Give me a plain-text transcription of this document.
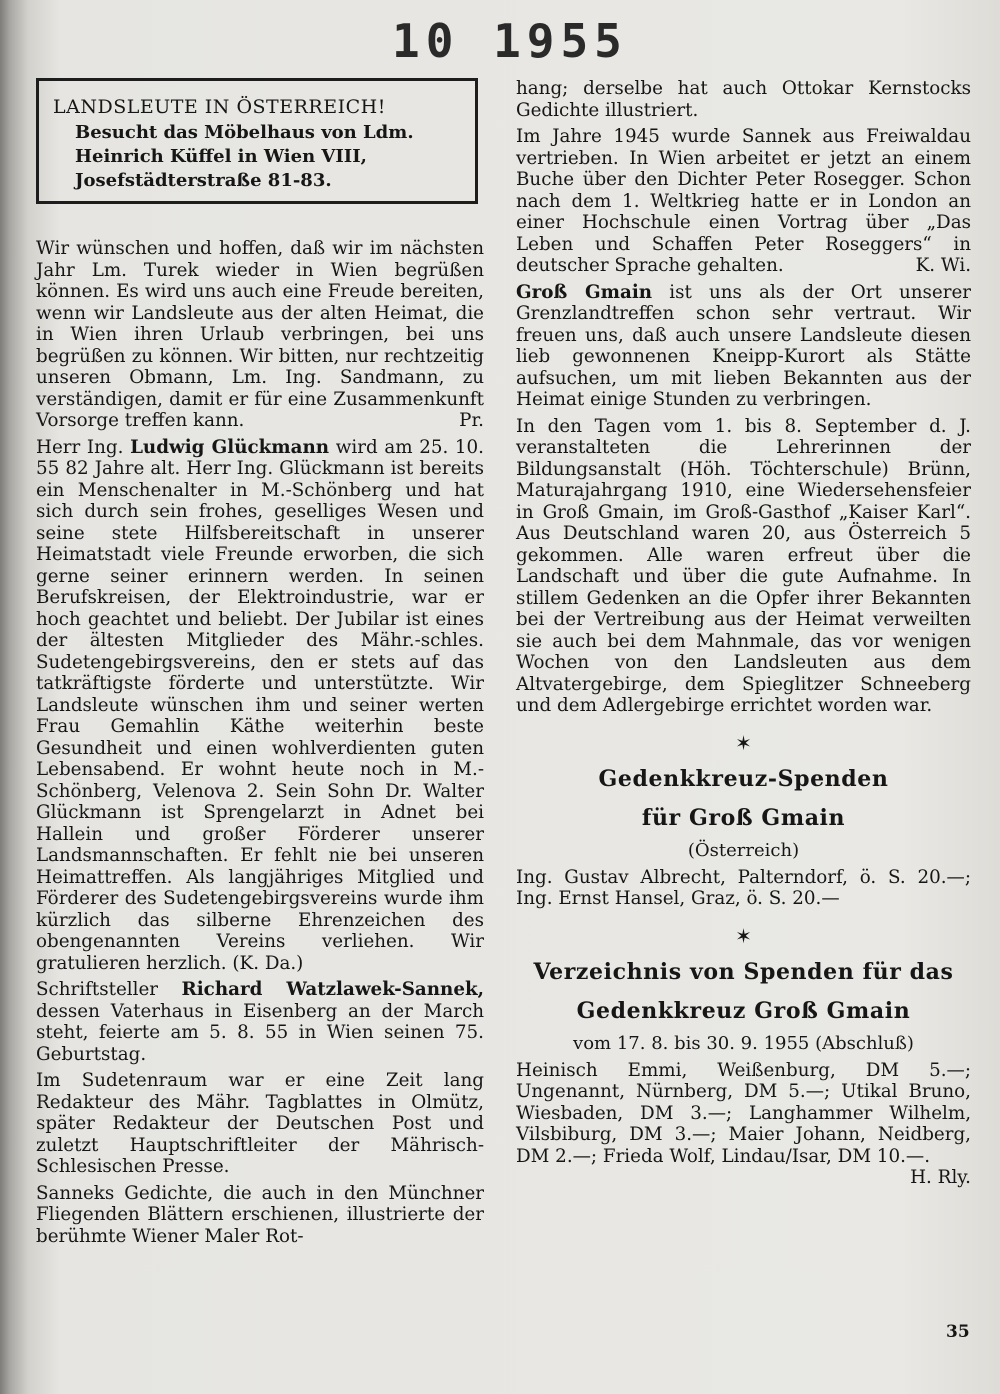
10 1955

LANDSLEUTE IN ÖSTERREICH!

Besucht das Möbelhaus von Ldm. Heinrich Küffel in Wien VIII, Josefstädterstraße 81-83.

Wir wünschen und hoffen, daß wir im nächsten Jahr Lm. Turek wieder in Wien begrüßen können. Es wird uns auch eine Freude bereiten, wenn wir Landsleute aus der alten Heimat, die in Wien ihren Urlaub verbringen, bei uns begrüßen zu können. Wir bitten, nur rechtzeitig unseren Obmann, Lm. Ing. Sandmann, zu verständigen, damit er für eine Zusammenkunft Vorsorge treffen kann.	Pr.

Herr Ing. Ludwig Glückmann wird am 25. 10. 55 82 Jahre alt. Herr Ing. Glückmann ist bereits ein Menschenalter in M.-Schönberg und hat sich durch sein frohes, geselliges Wesen und seine stete Hilfsbereitschaft in unserer Heimatstadt viele Freunde erworben, die sich gerne seiner erinnern werden. In seinen Berufskreisen, der Elektroindustrie, war er hoch geachtet und beliebt. Der Jubilar ist eines der ältesten Mitglieder des Mähr.-schles. Sudetengebirgsvereins, den er stets auf das tatkräftigste förderte und unterstützte. Wir Landsleute wünschen ihm und seiner werten Frau Gemahlin Käthe weiterhin beste Gesundheit und einen wohlverdienten guten Lebensabend. Er wohnt heute noch in M.-Schönberg, Velenova 2. Sein Sohn Dr. Walter Glückmann ist Sprengelarzt in Adnet bei Hallein und großer Förderer unserer Landsmannschaften. Er fehlt nie bei unseren Heimattreffen. Als langjähriges Mitglied und Förderer des Sudetengebirgsvereins wurde ihm kürzlich das silberne Ehrenzeichen des obengenannten Vereins verliehen. Wir gratulieren herzlich. (K. Da.)

Schriftsteller Richard Watzlawek-Sannek, dessen Vaterhaus in Eisenberg an der March steht, feierte am 5. 8. 55 in Wien seinen 75. Geburtstag.

Im Sudetenraum war er eine Zeit lang Redakteur des Mähr. Tagblattes in Olmütz, später Redakteur der Deutschen Post und zuletzt Hauptschriftleiter der Mährisch-Schlesischen Presse.

Sanneks Gedichte, die auch in den Münchner Fliegenden Blättern erschienen, illustrierte der berühmte Wiener Maler Rot-

hang; derselbe hat auch Ottokar Kernstocks Gedichte illustriert.

Im Jahre 1945 wurde Sannek aus Freiwaldau vertrieben. In Wien arbeitet er jetzt an einem Buche über den Dichter Peter Rosegger. Schon nach dem 1. Weltkrieg hatte er in London an einer Hochschule einen Vortrag über „Das Leben und Schaffen Peter Roseggers“ in deutscher Sprache gehalten.	K. Wi.

Groß Gmain ist uns als der Ort unserer Grenzlandtreffen schon sehr vertraut. Wir freuen uns, daß auch unsere Landsleute diesen lieb gewonnenen Kneipp-Kurort als Stätte aufsuchen, um mit lieben Bekannten aus der Heimat einige Stunden zu verbringen.

In den Tagen vom 1. bis 8. September d. J. veranstalteten die Lehrerinnen der Bildungsanstalt (Höh. Töchterschule) Brünn, Maturajahrgang 1910, eine Wiedersehensfeier in Groß Gmain, im Groß-Gasthof „Kaiser Karl“. Aus Deutschland waren 20, aus Österreich 5 gekommen. Alle waren erfreut über die Landschaft und über die gute Aufnahme. In stillem Gedenken an die Opfer ihrer Bekannten bei der Vertreibung aus der Heimat verweilten sie auch bei dem Mahnmale, das vor wenigen Wochen von den Landsleuten aus dem Altvatergebirge, dem Spieglitzer Schneeberg und dem Adlergebirge errichtet worden war.

✶

Gedenkkreuz-Spenden

für Groß Gmain

(Österreich)

Ing. Gustav Albrecht, Palterndorf, ö. S. 20.—; Ing. Ernst Hansel, Graz, ö. S. 20.—

✶

Verzeichnis von Spenden für das

Gedenkkreuz Groß Gmain

vom 17. 8. bis 30. 9. 1955 (Abschluß)

Heinisch Emmi, Weißenburg, DM 5.—; Ungenannt, Nürnberg, DM 5.—; Utikal Bruno, Wiesbaden, DM 3.—; Langhammer Wilhelm, Vilsbiburg, DM 3.—; Maier Johann, Neidberg, DM 2.—; Frieda Wolf, Lindau/Isar, DM 10.—.
H. Rly.

35
